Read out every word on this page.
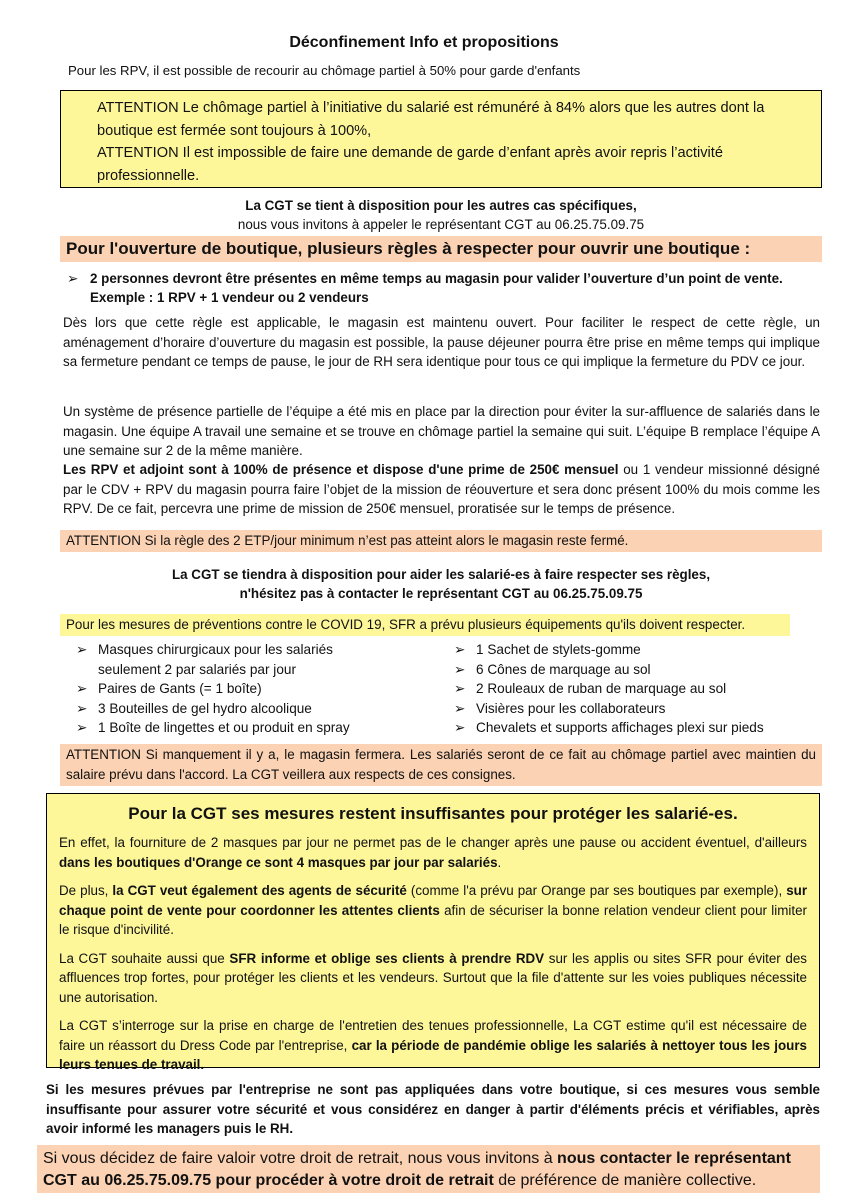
Déconfinement Info et propositions
Pour les RPV, il est possible de recourir au chômage partiel à 50% pour garde d'enfants
ATTENTION Le chômage partiel à l’initiative du salarié est rémunéré à 84% alors que les autres dont la boutique est fermée sont toujours à 100%,
ATTENTION Il est impossible de faire une demande de garde d’enfant après avoir repris l’activité professionnelle.
La CGT se tient à disposition pour les autres cas spécifiques,
nous vous invitons à appeler le représentant CGT au 06.25.75.09.75
Pour l'ouverture de boutique, plusieurs règles à respecter pour ouvrir une boutique :
➢ 2 personnes devront être présentes en même temps au magasin pour valider l’ouverture d’un point de vente.
Exemple : 1 RPV + 1 vendeur ou 2 vendeurs
Dès lors que cette règle est applicable, le magasin est maintenu ouvert. Pour faciliter le respect de cette règle, un aménagement d’horaire d’ouverture du magasin est possible, la pause déjeuner pourra être prise en même temps qui implique sa fermeture pendant ce temps de pause, le jour de RH sera identique pour tous ce qui implique la fermeture du PDV ce jour.
Un système de présence partielle de l’équipe a été mis en place par la direction pour éviter la sur-affluence de salariés dans le magasin. Une équipe A travail une semaine et se trouve en chômage partiel la semaine qui suit. L’équipe B remplace l’équipe A une semaine sur 2 de la même manière.
Les RPV et adjoint sont à 100% de présence et dispose d'une prime de 250€ mensuel ou 1 vendeur missionné désigné par le CDV + RPV du magasin pourra faire l’objet de la mission de réouverture et sera donc présent 100% du mois comme les RPV. De ce fait, percevra une prime de mission de 250€ mensuel, proratisée sur le temps de présence.
ATTENTION Si la règle des 2 ETP/jour minimum n’est pas atteint alors le magasin reste fermé.
La CGT se tiendra à disposition pour aider les salarié-es à faire respecter ses règles,
n'hésitez pas à contacter le représentant CGT au 06.25.75.09.75
Pour les mesures de préventions contre le COVID 19, SFR a prévu plusieurs équipements qu'ils doivent respecter.
➢ Masques chirurgicaux pour les salariés seulement 2 par salariés par jour
➢ Paires de Gants (= 1 boîte)
➢ 3 Bouteilles de gel hydro alcoolique
➢ 1 Boîte de lingettes et ou produit en spray
➢ 1 Sachet de stylets-gomme
➢ 6 Cônes de marquage au sol
➢ 2 Rouleaux de ruban de marquage au sol
➢ Visières pour les collaborateurs
➢ Chevalets et supports affichages plexi sur pieds
ATTENTION Si manquement il y a, le magasin fermera. Les salariés seront de ce fait au chômage partiel avec maintien du salaire prévu dans l'accord. La CGT veillera aux respects de ces consignes.
Pour la CGT ses mesures restent insuffisantes pour protéger les salarié-es.

En effet, la fourniture de 2 masques par jour ne permet pas de le changer après une pause ou accident éventuel, d'ailleurs dans les boutiques d'Orange ce sont 4 masques par jour par salariés.

De plus, la CGT veut également des agents de sécurité (comme l'a prévu par Orange par ses boutiques par exemple), sur chaque point de vente pour coordonner les attentes clients afin de sécuriser la bonne relation vendeur client pour limiter le risque d'incivilité.

La CGT souhaite aussi que SFR informe et oblige ses clients à prendre RDV sur les applis ou sites SFR pour éviter des affluences trop fortes, pour protéger les clients et les vendeurs. Surtout que la file d'attente sur les voies publiques nécessite une autorisation.

La CGT s’interroge sur la prise en charge de l'entretien des tenues professionnelle, La CGT estime qu'il est nécessaire de faire un réassort du Dress Code par l'entreprise, car la période de pandémie oblige les salariés à nettoyer tous les jours leurs tenues de travail.

Si les mesures prévues par l'entreprise ne sont pas appliquées dans votre boutique, si ces mesures vous semble insuffisante pour assurer votre sécurité et vous considérez en danger à partir d'éléments précis et vérifiables, après avoir informé les managers puis le RH.
Si vous décidez de faire valoir votre droit de retrait, nous vous invitons à nous contacter le représentant CGT au 06.25.75.09.75 pour procéder à votre droit de retrait de préférence de manière collective.
